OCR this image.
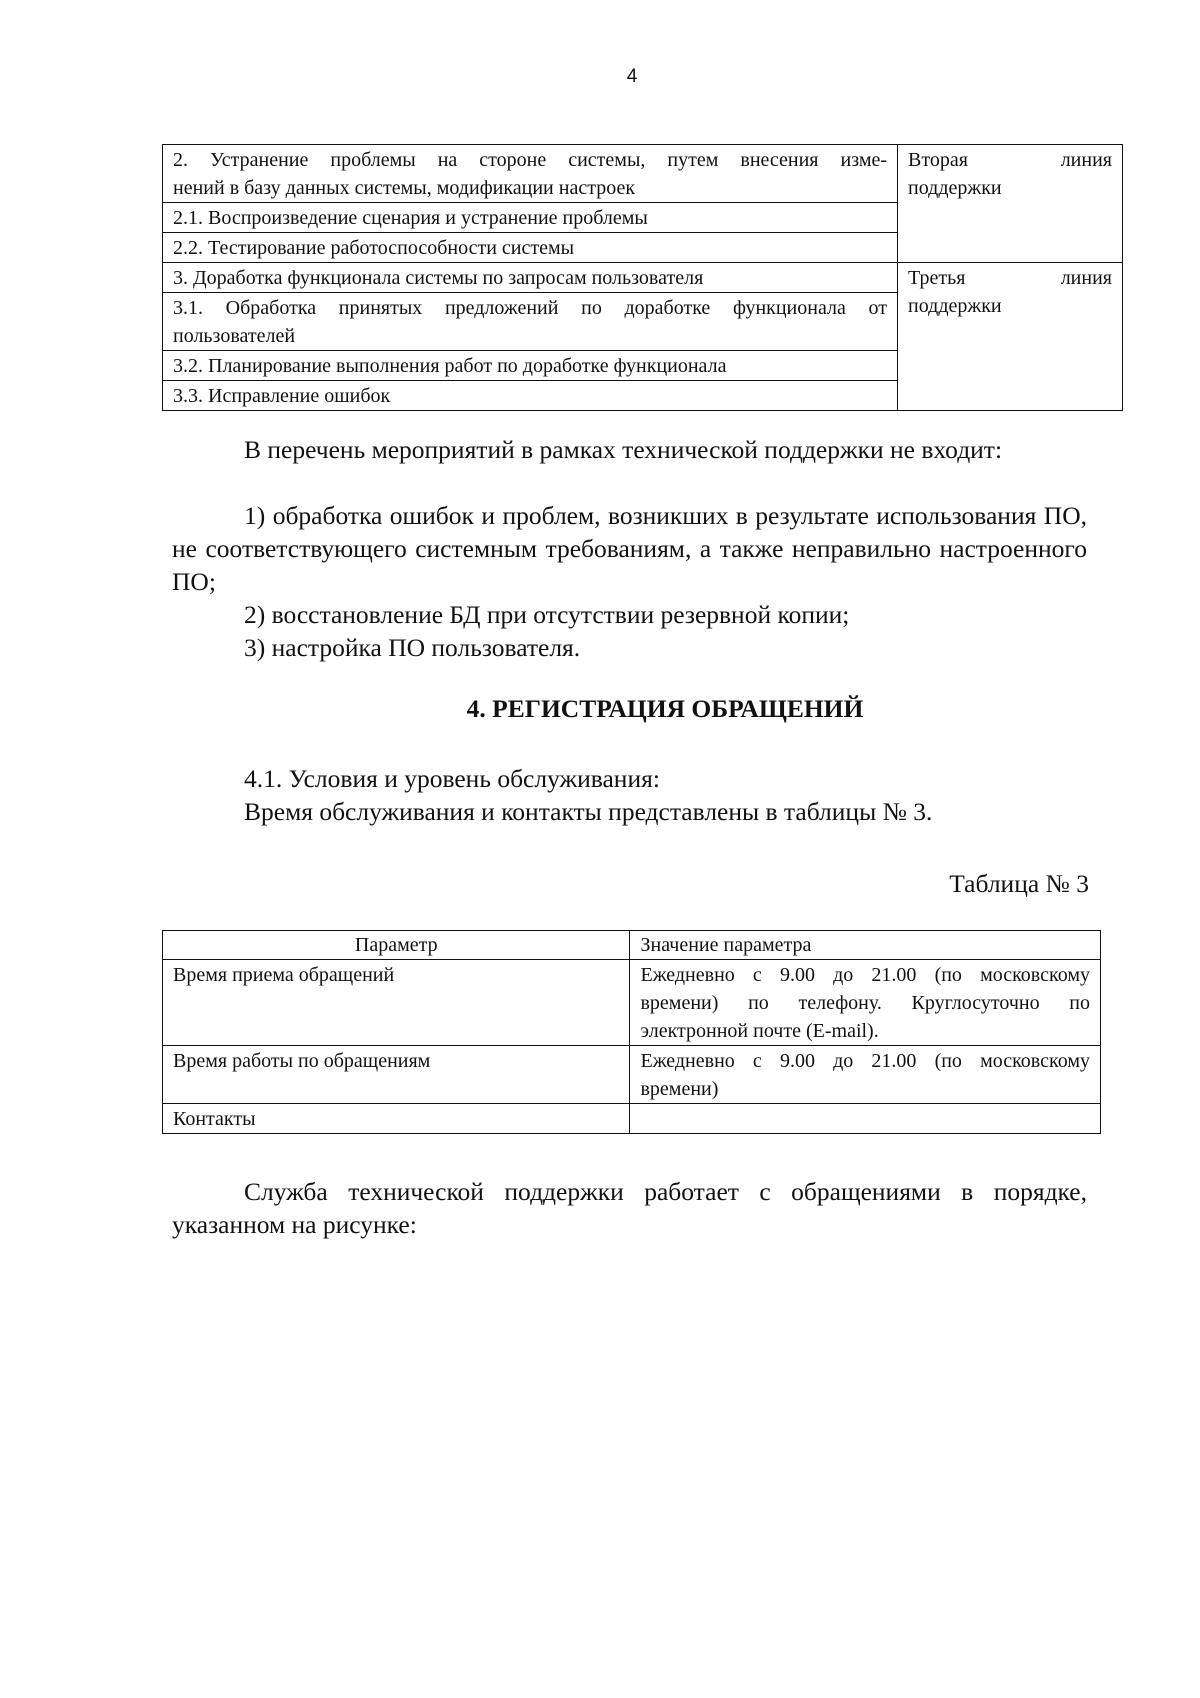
4
2. Устранение проблемы на стороне системы, путем внесения изме-
нений в базу данных системы, модификации настроек	Вторая линия
поддержки
2.1. Воспроизведение сценария и устранение проблемы	
2.2. Тестирование работоспособности системы	
3. Доработка функционала системы по запросам пользователя	Третья линия
поддержки

3.1. Обработка принятых предложений по доработке функционала от
пользователей	
3.2. Планирование выполнения работ по доработке функционала	
3.3. Исправление ошибок	
В перечень мероприятий в рамках технической поддержки не входит:
1) обработка ошибок и проблем, возникших в результате использования ПО, не соответствующего системным требованиям, а также неправильно настроенного ПО;
2) восстановление БД при отсутствии резервной копии;
3) настройка ПО пользователя.
4. РЕГИСТРАЦИЯ ОБРАЩЕНИЙ
4.1. Условия и уровень обслуживания:
Время обслуживания и контакты представлены в таблицы № 3.
Таблица № 3
Параметр	Значение параметра
Время приема обращений	Ежедневно с 9.00 до 21.00 (по московскому времени) по телефону. Круглосуточно по электронной почте (E-mail).
Время работы по обращениям	Ежедневно с 9.00 до 21.00 (по московскому времени)
Контакты	
Служба технической поддержки работает с обращениями в порядке, указанном на рисунке:
